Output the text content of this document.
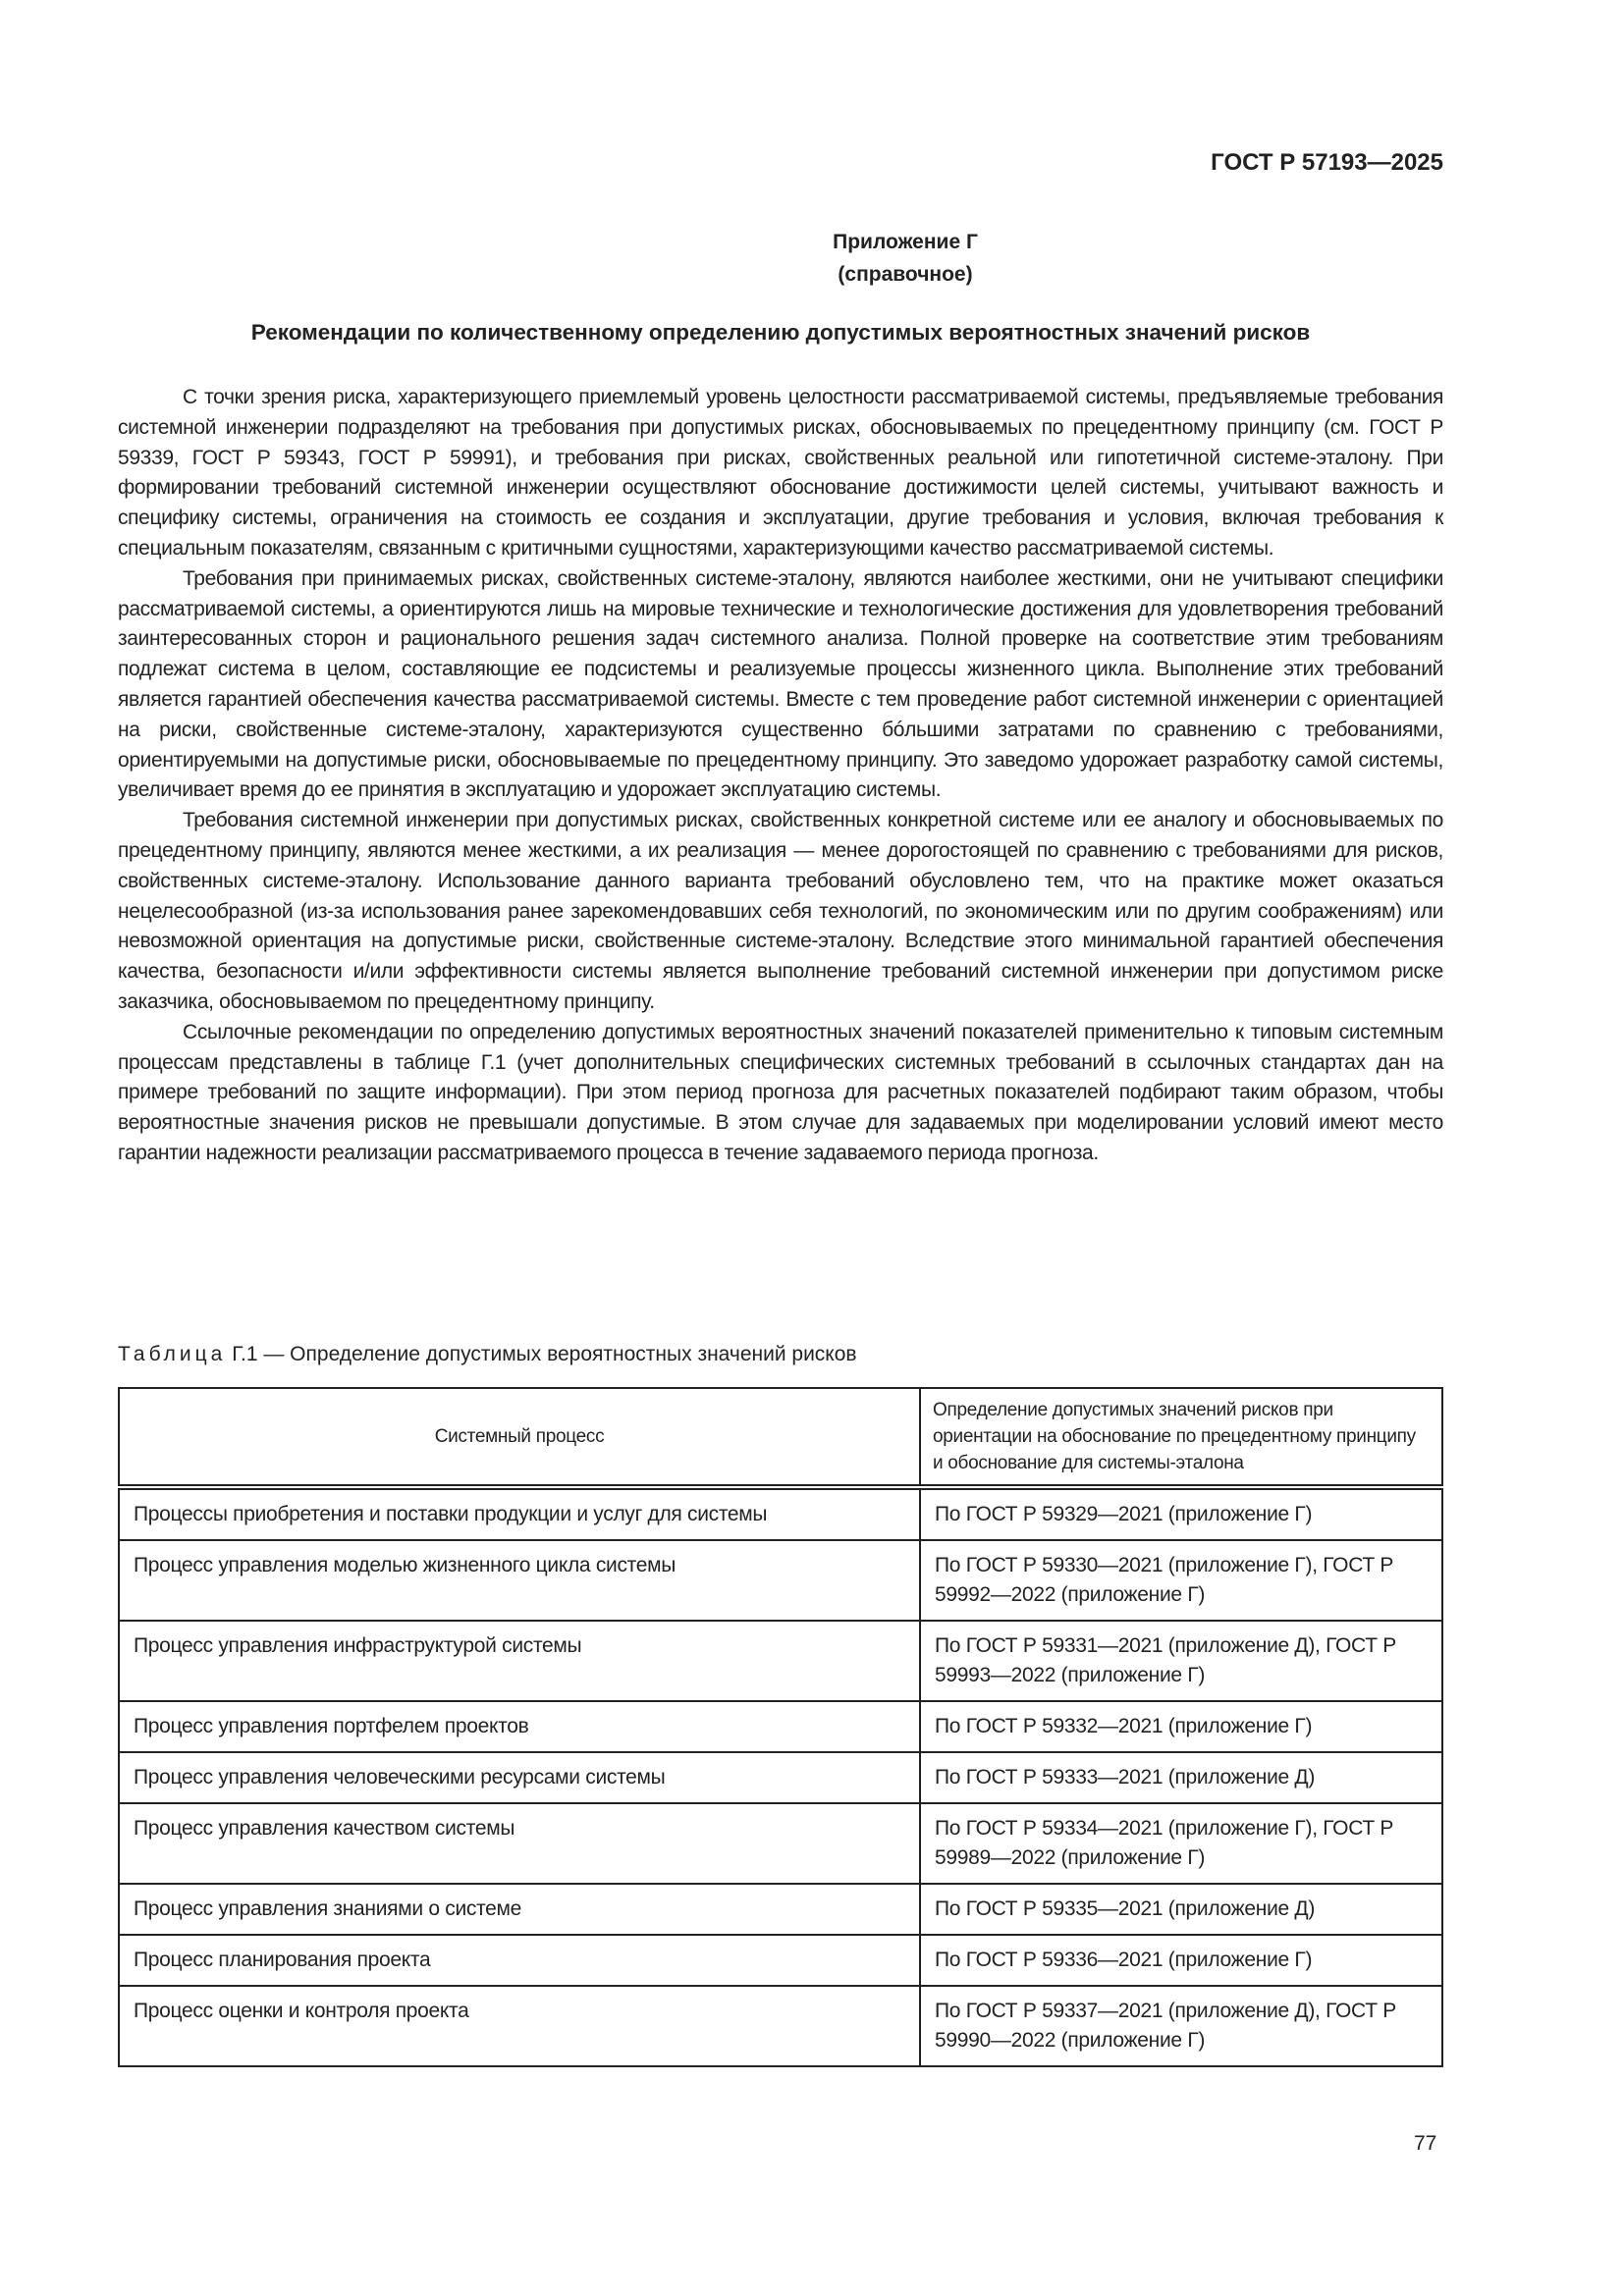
ГОСТ Р 57193—2025
Приложение Г
(справочное)
Рекомендации по количественному определению допустимых вероятностных значений рисков

С точки зрения риска, характеризующего приемлемый уровень целостности рассматриваемой системы, предъявляемые требования системной инженерии подразделяют на требования при допустимых рисках, обосновываемых по прецедентному принципу (см. ГОСТ Р 59339, ГОСТ Р 59343, ГОСТ Р 59991), и требования при рисках, свойственных реальной или гипотетичной системе-эталону. При формировании требований системной инженерии осуществляют обоснование достижимости целей системы, учитывают важность и специфику системы, ограничения на стоимость ее создания и эксплуатации, другие требования и условия, включая требования к специальным показателям, связанным с критичными сущностями, характеризующими качество рассматриваемой системы.

Требования при принимаемых рисках, свойственных системе-эталону, являются наиболее жесткими, они не учитывают специфики рассматриваемой системы, а ориентируются лишь на мировые технические и технологические достижения для удовлетворения требований заинтересованных сторон и рационального решения задач системного анализа. Полной проверке на соответствие этим требованиям подлежат система в целом, составляющие ее подсистемы и реализуемые процессы жизненного цикла. Выполнение этих требований является гарантией обеспечения качества рассматриваемой системы. Вместе с тем проведение работ системной инженерии с ориентацией на риски, свойственные системе-эталону, характеризуются существенно бóльшими затратами по сравнению с требованиями, ориентируемыми на допустимые риски, обосновываемые по прецедентному принципу. Это заведомо удорожает разработку самой системы, увеличивает время до ее принятия в эксплуатацию и удорожает эксплуатацию системы.

Требования системной инженерии при допустимых рисках, свойственных конкретной системе или ее аналогу и обосновываемых по прецедентному принципу, являются менее жесткими, а их реализация — менее дорогостоящей по сравнению с требованиями для рисков, свойственных системе-эталону. Использование данного варианта требований обусловлено тем, что на практике может оказаться нецелесообразной (из-за использования ранее зарекомендовавших себя технологий, по экономическим или по другим соображениям) или невозможной ориентация на допустимые риски, свойственные системе-эталону. Вследствие этого минимальной гарантией обеспечения качества, безопасности и/или эффективности системы является выполнение требований системной инженерии при допустимом риске заказчика, обосновываемом по прецедентному принципу.

Ссылочные рекомендации по определению допустимых вероятностных значений показателей применительно к типовым системным процессам представлены в таблице Г.1 (учет дополнительных специфических системных требований в ссылочных стандартах дан на примере требований по защите информации). При этом период прогноза для расчетных показателей подбирают таким образом, чтобы вероятностные значения рисков не превышали допустимые. В этом случае для задаваемых при моделировании условий имеют место гарантии надежности реализации рассматриваемого процесса в течение задаваемого периода прогноза.

Таблица Г.1 — Определение допустимых вероятностных значений рисков
Системный процесс	Определение допустимых значений рисков при ориентации на обоснование по прецедентному принципу и обоснование для системы-эталона
Процессы приобретения и поставки продукции и услуг для системы	По ГОСТ Р 59329—2021 (приложение Г)
Процесс управления моделью жизненного цикла системы	По ГОСТ Р 59330—2021 (приложение Г), ГОСТ Р 59992—2022 (приложение Г)
Процесс управления инфраструктурой системы	По ГОСТ Р 59331—2021 (приложение Д), ГОСТ Р 59993—2022 (приложение Г)
Процесс управления портфелем проектов	По ГОСТ Р 59332—2021 (приложение Г)
Процесс управления человеческими ресурсами системы	По ГОСТ Р 59333—2021 (приложение Д)
Процесс управления качеством системы	По ГОСТ Р 59334—2021 (приложение Г), ГОСТ Р 59989—2022 (приложение Г)
Процесс управления знаниями о системе	По ГОСТ Р 59335—2021 (приложение Д)
Процесс планирования проекта	По ГОСТ Р 59336—2021 (приложение Г)
Процесс оценки и контроля проекта	По ГОСТ Р 59337—2021 (приложение Д), ГОСТ Р 59990—2022 (приложение Г)
77
